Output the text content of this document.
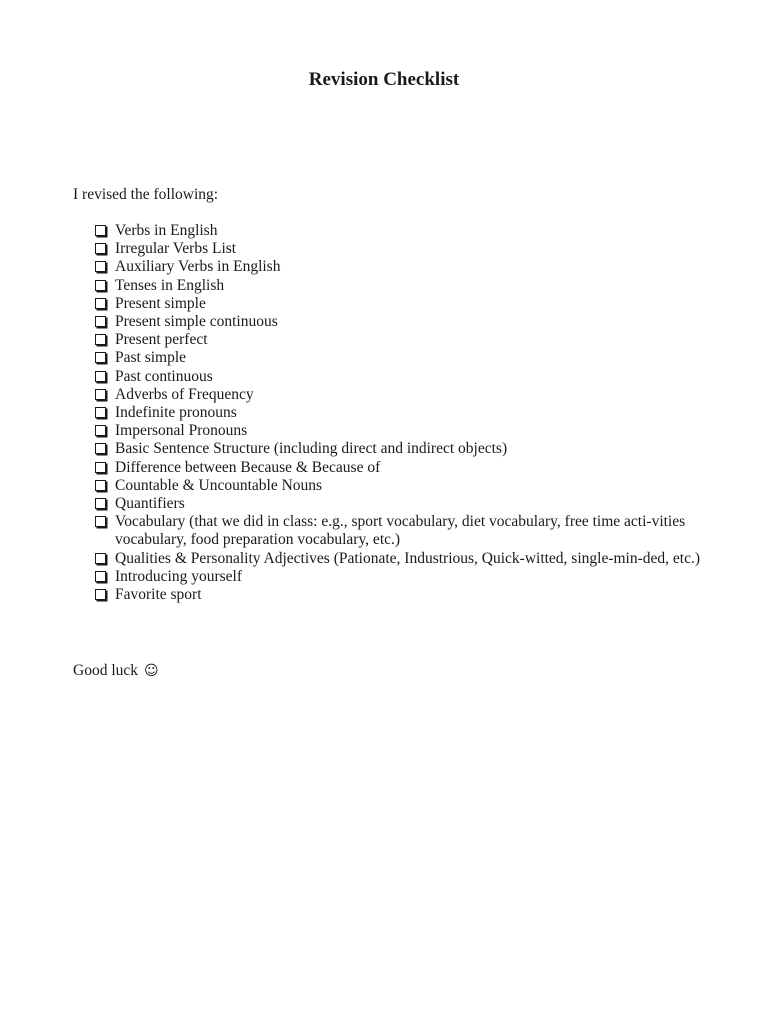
Revision Checklist
I revised the following:
Verbs in English
Irregular Verbs List
Auxiliary Verbs in English
Tenses in English
Present simple
Present simple continuous
Present perfect
Past simple
Past continuous
Adverbs of Frequency
Indefinite pronouns
Impersonal Pronouns
Basic Sentence Structure (including direct and indirect objects)
Difference between Because & Because of
Countable & Uncountable Nouns
Quantifiers
Vocabulary (that we did in class: e.g., sport vocabulary, diet vocabulary, free time acti-vities vocabulary, food preparation vocabulary, etc.)
Qualities & Personality Adjectives (Pationate, Industrious, Quick-witted, single-min-ded, etc.)
Introducing yourself
Favorite sport
Good luck ☺
